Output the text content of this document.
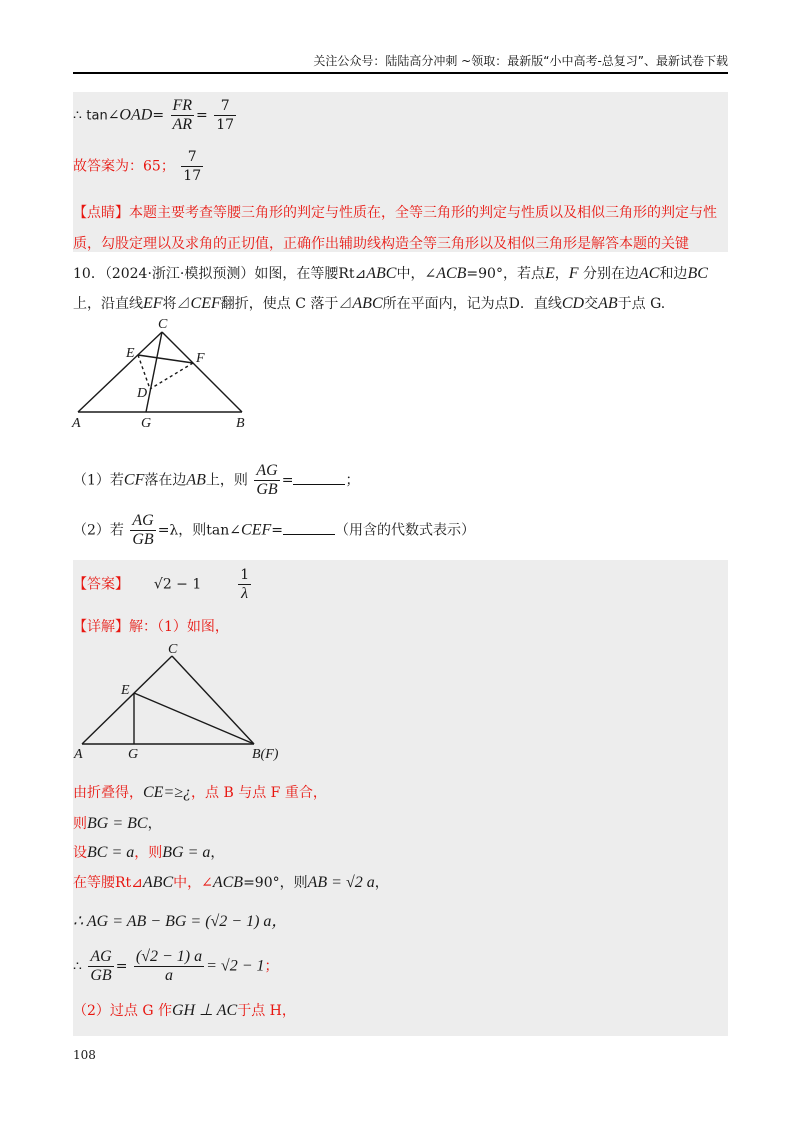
关注公众号：陆陆高分冲刺 ~领取：最新版“小中高考-总复习”、最新试卷下载
∴ tan∠OAD= $\frac{FR}{AR} = \frac{7}{17}$
故答案为：65； $\frac{7}{17}$
【点睛】本题主要考查等腰三角形的判定与性质在，全等三角形的判定与性质以及相似三角形的判定与性
质，勾股定理以及求角的正切值，正确作出辅助线构造全等三角形以及相似三角形是解答本题的关键
10．（2024·浙江·模拟预测）如图，在等腰Rt⊿ABC中，∠ACB=90°，若点E，F 分别在边AC和边BC
上，沿直线EF将⊿CEF翻折，使点 C 落于⊿ABC所在平面内，记为点D．直线CD交AB于点 G.
C
E	F
D
A	G	B
（1）若CF落在边AB上，则 $\frac{AG}{GB}$ =	；
（2）若 $\frac{AG}{GB} =\lambda$，则tan∠CEF=	（用含的代数式表示）
【答案】 √2 − 1	$\frac{1}{\lambda}$
【详解】解：（1）如图，
C
E
A	G	B(F)
由折叠得，CE=≥¿，点 B 与点 F 重合，
则BG = BC，
设BC = a，则BG = a，
在等腰Rt⊿ABC中，∠ACB=90°，则AB = √2 a，
∴ AG = AB − BG = (√2 − 1) a，
∴ $\frac{AG}{GB} = \frac{(√2 - 1) a}{a} = √2 - 1$；
（2）过点 G 作GH ⊥ AC于点 H，
108
